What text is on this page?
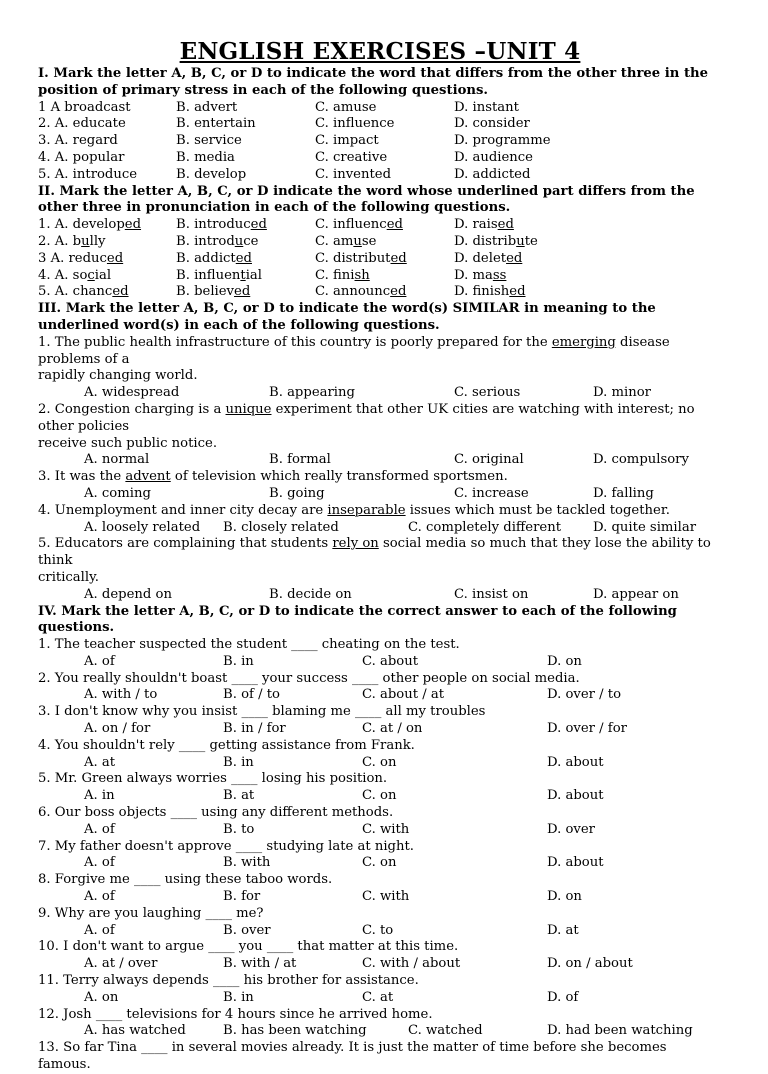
ENGLISH EXERCISES –UNIT 4

I. Mark the letter A, B, C, or D to indicate the word that differs from the other three in the position of primary stress in each of the following questions.

1 A broadcast	B. advert	C. amuse	D. instant
2. A. educate	B. entertain	C. influence	D. consider
3. A. regard	B. service	C. impact	D. programme
4. A. popular	B. media	C. creative	D. audience
5. A. introduce	B. develop	C. invented	D. addicted

II. Mark the letter A, B, C, or D indicate the word whose underlined part differs from the other three in pronunciation in each of the following questions.

1. A. developed	B. introduced	C. influenced	D. raised
2. A. bully	B. introduce	C. amuse	D. distribute
3 A. reduced	B. addicted	C. distributed	D. deleted
4. A. social	B. influential	C. finish	D. mass
5. A. chanced	B. believed	C. announced	D. finished

III. Mark the letter A, B, C, or D to indicate the word(s) SIMILAR in meaning to the underlined word(s) in each of the following questions.

1. The public health infrastructure of this country is poorly prepared for the emerging disease problems of a
rapidly changing world.

A. widespread	B. appearing	C. serious	D. minor

2. Congestion charging is a unique experiment that other UK cities are watching with interest; no other policies
receive such public notice.

A. normal	B. formal	C. original	D. compulsory

3. It was the advent of television which really transformed sportsmen.

A. coming	B. going	C. increase	D. falling

4. Unemployment and inner city decay are inseparable issues which must be tackled together.

A. loosely related	B. closely related	C. completely different	D. quite similar

5. Educators are complaining that students rely on social media so much that they lose the ability to think
critically.

A. depend on	B. decide on	C. insist on	D. appear on

IV. Mark the letter A, B, C, or D to indicate the correct answer to each of the following questions.

1. The teacher suspected the student ____ cheating on the test.

A. of	B. in	C. about	D. on

2. You really shouldn't boast ____ your success ____ other people on social media.

A. with / to	B. of / to	C. about / at	D. over / to

3. I don't know why you insist ____ blaming me ____ all my troubles

A. on / for	B. in / for	C. at / on	D. over / for

4. You shouldn't rely ____ getting assistance from Frank.

A. at	B. in	C. on	D. about

5. Mr. Green always worries ____ losing his position.

A. in	B. at	C. on	D. about

6. Our boss objects ____ using any different methods.

A. of	B. to	C. with	D. over

7. My father doesn't approve ____ studying late at night.

A. of	B. with	C. on	D. about

8. Forgive me ____ using these taboo words.

A. of	B. for	C. with	D. on

9. Why are you laughing ____ me?

A. of	B. over	C. to	D. at

10. I don't want to argue ____ you ____ that matter at this time.

A. at / over	B. with / at	C. with / about	D. on / about

11. Terry always depends ____ his brother for assistance.

A. on	B. in	C. at	D. of

12. Josh ____ televisions for 4 hours since he arrived home.

A. has watched	B. has been watching	C. watched	D. had been watching

13. So far Tina ____ in several movies already. It is just the matter of time before she becomes famous.
